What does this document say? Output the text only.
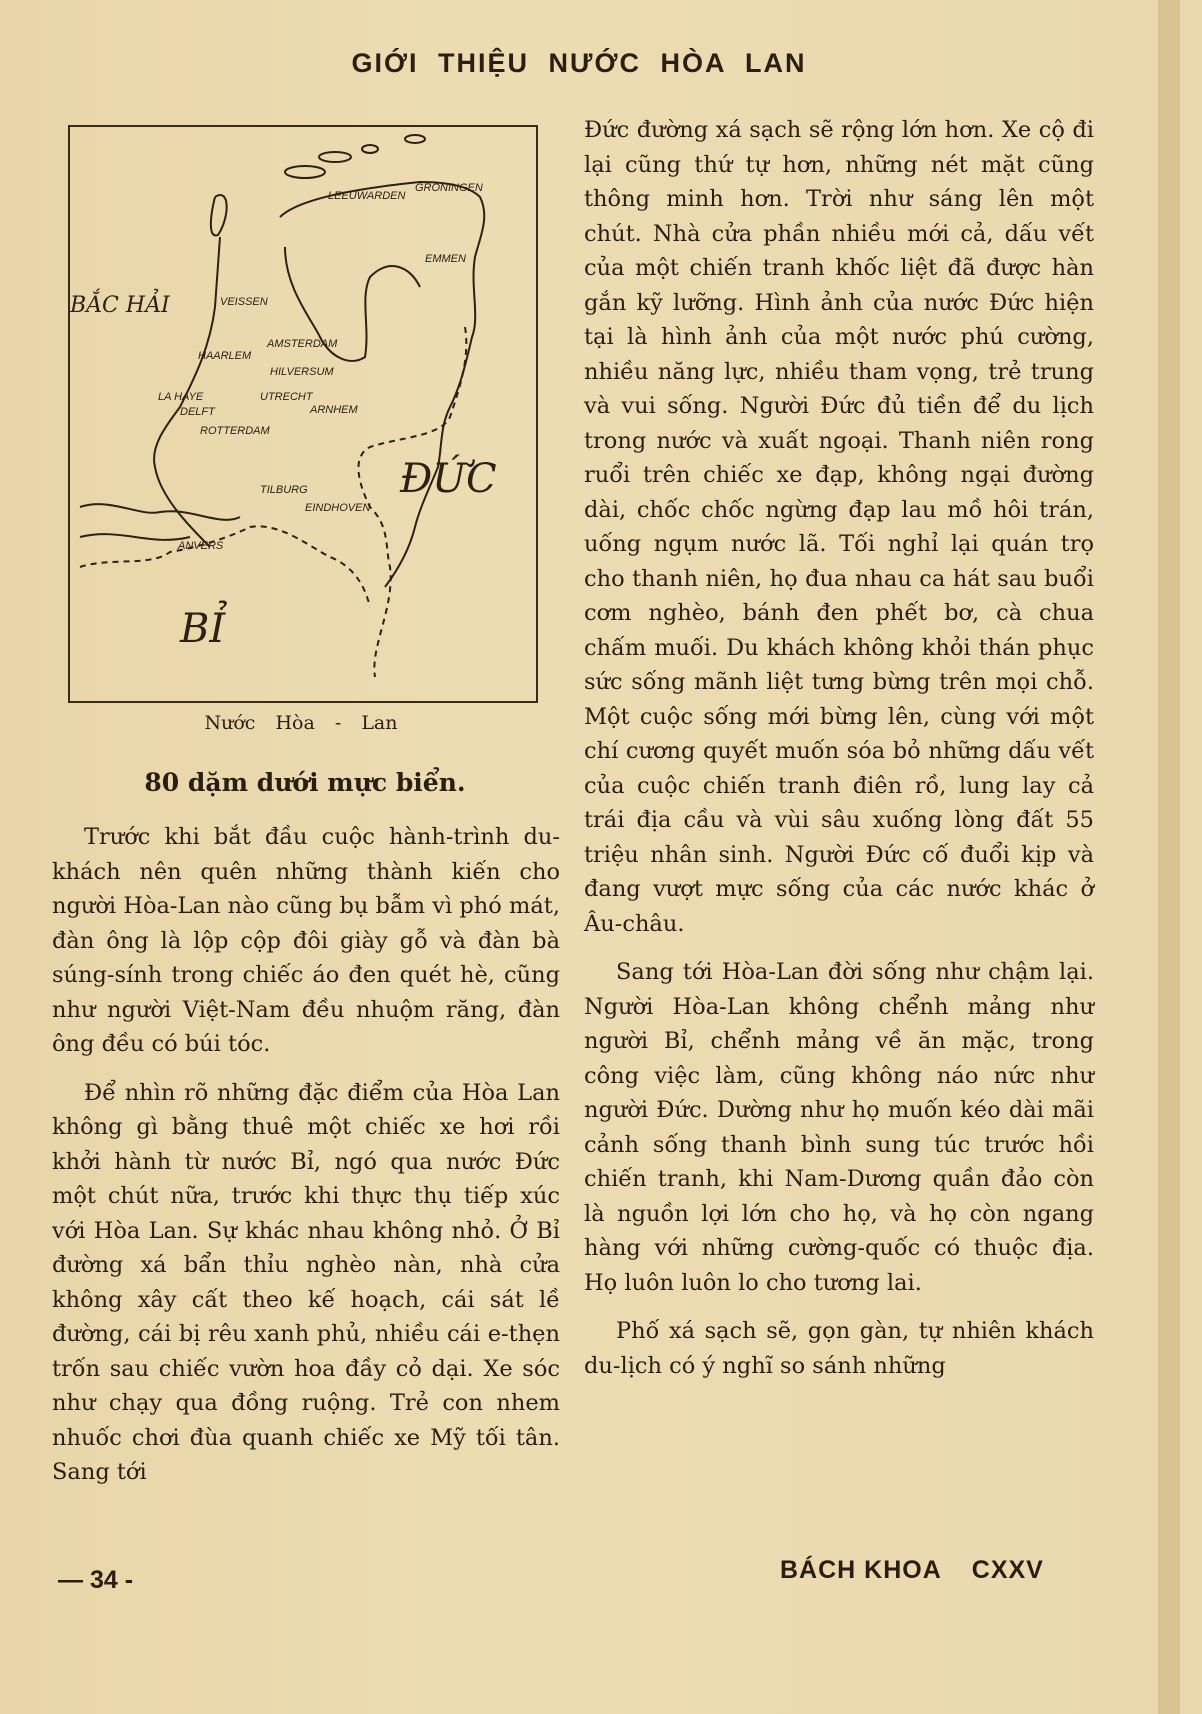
GIỚI THIỆU NƯỚC HÒA LAN
BẮC HẢI
BỈ
ĐỨC
LEEUWARDEN
GRONINGEN
EMMEN
VEISSEN
AMSTERDAM
HAARLEM
HILVERSUM
LA HAYE	UTRECHT
ARNHEM
DELFT
ROTTERDAM
TILBURG
EINDHOVEN
ANVERS
Nước Hòa - Lan
80 dặm dưới mực biển.

Trước khi bắt đầu cuộc hành-trình du-khách nên quên những thành kiến cho người Hòa-Lan nào cũng bụ bẫm vì phó mát, đàn ông là lộp cộp đôi giày gỗ và đàn bà súng-sính trong chiếc áo đen quét hè, cũng như người Việt-Nam đều nhuộm răng, đàn ông đều có búi tóc.

Để nhìn rõ những đặc điểm của Hòa Lan không gì bằng thuê một chiếc xe hơi rồi khởi hành từ nước Bỉ, ngó qua nước Đức một chút nữa, trước khi thực thụ tiếp xúc với Hòa Lan. Sự khác nhau không nhỏ. Ở Bỉ đường xá bẩn thỉu nghèo nàn, nhà cửa không xây cất theo kế hoạch, cái sát lề đường, cái bị rêu xanh phủ, nhiều cái e-thẹn trốn sau chiếc vườn hoa đầy cỏ dại. Xe sóc như chạy qua đồng ruộng. Trẻ con nhem nhuốc chơi đùa quanh chiếc xe Mỹ tối tân. Sang tới

Đức đường xá sạch sẽ rộng lớn hơn. Xe cộ đi lại cũng thứ tự hơn, những nét mặt cũng thông minh hơn. Trời như sáng lên một chút. Nhà cửa phần nhiều mới cả, dấu vết của một chiến tranh khốc liệt đã được hàn gắn kỹ lưỡng. Hình ảnh của nước Đức hiện tại là hình ảnh của một nước phú cường, nhiều năng lực, nhiều tham vọng, trẻ trung và vui sống. Người Đức đủ tiền để du lịch trong nước và xuất ngoại. Thanh niên rong ruổi trên chiếc xe đạp, không ngại đường dài, chốc chốc ngừng đạp lau mồ hôi trán, uống ngụm nước lã. Tối nghỉ lại quán trọ cho thanh niên, họ đua nhau ca hát sau buổi cơm nghèo, bánh đen phết bơ, cà chua chấm muối. Du khách không khỏi thán phục sức sống mãnh liệt tưng bừng trên mọi chỗ. Một cuộc sống mới bừng lên, cùng với một chí cương quyết muốn sóa bỏ những dấu vết của cuộc chiến tranh điên rồ, lung lay cả trái địa cầu và vùi sâu xuống lòng đất 55 triệu nhân sinh. Người Đức cố đuổi kịp và đang vượt mực sống của các nước khác ở Âu-châu.

Sang tới Hòa-Lan đời sống như chậm lại. Người Hòa-Lan không chểnh mảng như người Bỉ, chểnh mảng về ăn mặc, trong công việc làm, cũng không náo nức như người Đức. Dường như họ muốn kéo dài mãi cảnh sống thanh bình sung túc trước hồi chiến tranh, khi Nam-Dương quần đảo còn là nguồn lợi lớn cho họ, và họ còn ngang hàng với những cường-quốc có thuộc địa. Họ luôn luôn lo cho tương lai.

Phố xá sạch sẽ, gọn gàn, tự nhiên khách du-lịch có ý nghĩ so sánh những

— 34 -	BÁCH KHOA CXXV
